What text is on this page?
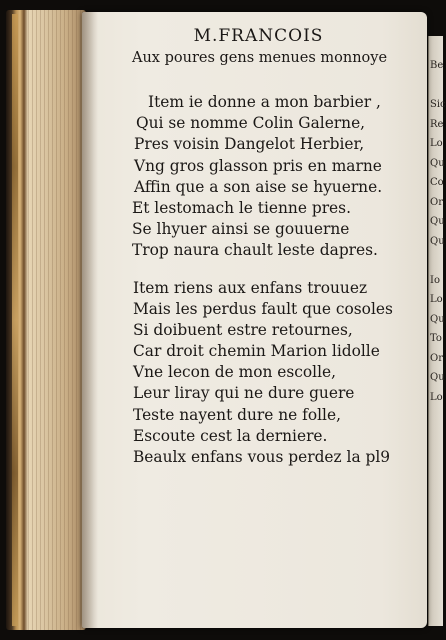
Be
Sic
Re
Lo
Qu
Co
Or
Qu
Qu
Io
Lo
Qu
To
Or
Qu
Lo
M.FRANCOIS
Aux poures gens menues monnoye
Item ie donne a mon barbier ,
Qui se nomme Colin Galerne,
Pres voisin Dangelot Herbier,
Vng gros glasson pris en marne
Affin que a son aise se hyuerne.
Et lestomach le tienne pres.
Se lhyuer ainsi se gouuerne
Trop naura chault leste dapres.
Item riens aux enfans trouuez
Mais les perdus fault que cosoles
Si doibuent estre retournes,
Car droit chemin Marion lidolle
Vne lecon de mon escolle,
Leur liray qui ne dure guere
Teste nayent dure ne folle,
Escoute cest la derniere.
Beaulx enfans vous perdez la pl9
